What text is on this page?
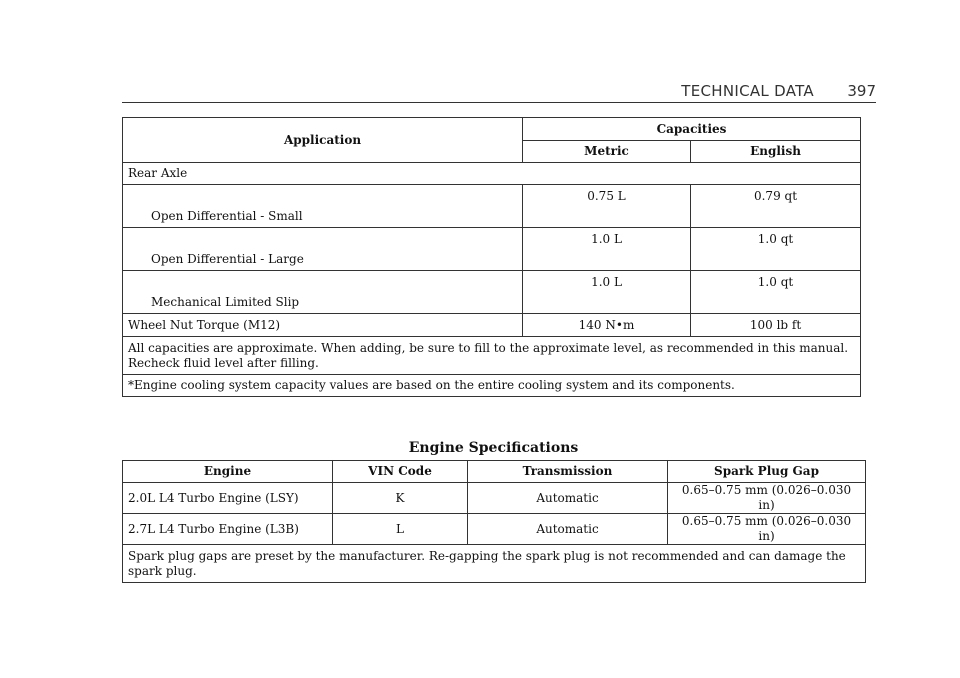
TECHNICAL DATA 397
Application	Capacities	
	Metric	English
Rear Axle		
Open Differential - Small	0.75 L	0.79 qt
Open Differential - Large	1.0 L	1.0 qt
Mechanical Limited Slip	1.0 L	1.0 qt
Wheel Nut Torque (M12)	140 N•m	100 lb ft
All capacities are approximate. When adding, be sure to fill to the approximate level, as recommended in this manual. Recheck fluid level after filling.		
*Engine cooling system capacity values are based on the entire cooling system and its components.		
Engine Specifications
Engine	VIN Code	Transmission	Spark Plug Gap
2.0L L4 Turbo Engine (LSY)	K	Automatic	0.65–0.75 mm (0.026–0.030 in)
2.7L L4 Turbo Engine (L3B)	L	Automatic	0.65–0.75 mm (0.026–0.030 in)
Spark plug gaps are preset by the manufacturer. Re-gapping the spark plug is not recommended and can damage the spark plug.			
